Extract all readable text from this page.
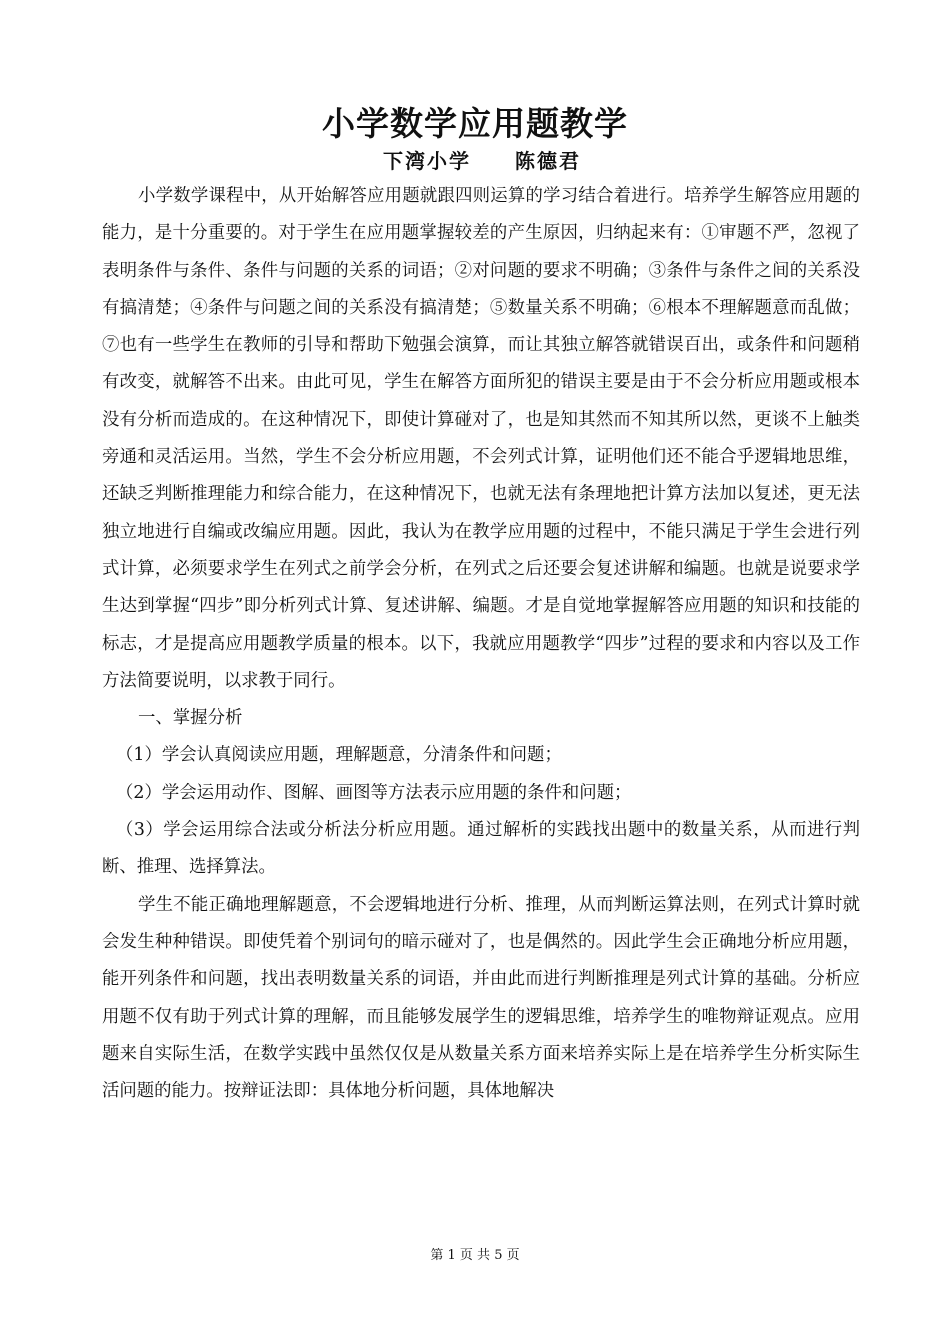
小学数学应用题教学
下湾小学　　陈德君

小学数学课程中，从开始解答应用题就跟四则运算的学习结合着进行。培养学生解答应用题的能力，是十分重要的。对于学生在应用题掌握较差的产生原因，归纳起来有：①审题不严，忽视了表明条件与条件、条件与问题的关系的词语；②对问题的要求不明确；③条件与条件之间的关系没有搞清楚；④条件与问题之间的关系没有搞清楚；⑤数量关系不明确；⑥根本不理解题意而乱做；⑦也有一些学生在教师的引导和帮助下勉强会演算，而让其独立解答就错误百出，或条件和问题稍有改变，就解答不出来。由此可见，学生在解答方面所犯的错误主要是由于不会分析应用题或根本没有分析而造成的。在这种情况下，即使计算碰对了，也是知其然而不知其所以然，更谈不上触类旁通和灵活运用。当然，学生不会分析应用题，不会列式计算，证明他们还不能合乎逻辑地思维，还缺乏判断推理能力和综合能力，在这种情况下，也就无法有条理地把计算方法加以复述，更无法独立地进行自编或改编应用题。因此，我认为在教学应用题的过程中，不能只满足于学生会进行列式计算，必须要求学生在列式之前学会分析，在列式之后还要会复述讲解和编题。也就是说要求学生达到掌握“四步”即分析列式计算、复述讲解、编题。才是自觉地掌握解答应用题的知识和技能的标志，才是提高应用题教学质量的根本。以下，我就应用题教学“四步”过程的要求和内容以及工作方法简要说明，以求教于同行。

一、掌握分析

（1）学会认真阅读应用题，理解题意，分清条件和问题；

（2）学会运用动作、图解、画图等方法表示应用题的条件和问题；

（3）学会运用综合法或分析法分析应用题。通过解析的实践找出题中的数量关系，从而进行判断、推理、选择算法。

学生不能正确地理解题意，不会逻辑地进行分析、推理，从而判断运算法则，在列式计算时就会发生种种错误。即使凭着个别词句的暗示碰对了，也是偶然的。因此学生会正确地分析应用题，能开列条件和问题，找出表明数量关系的词语，并由此而进行判断推理是列式计算的基础。分析应用题不仅有助于列式计算的理解，而且能够发展学生的逻辑思维，培养学生的唯物辩证观点。应用题来自实际生活，在数学实践中虽然仅仅是从数量关系方面来培养实际上是在培养学生分析实际生活问题的能力。按辩证法即：具体地分析问题，具体地解决

第 1 页 共 5 页
